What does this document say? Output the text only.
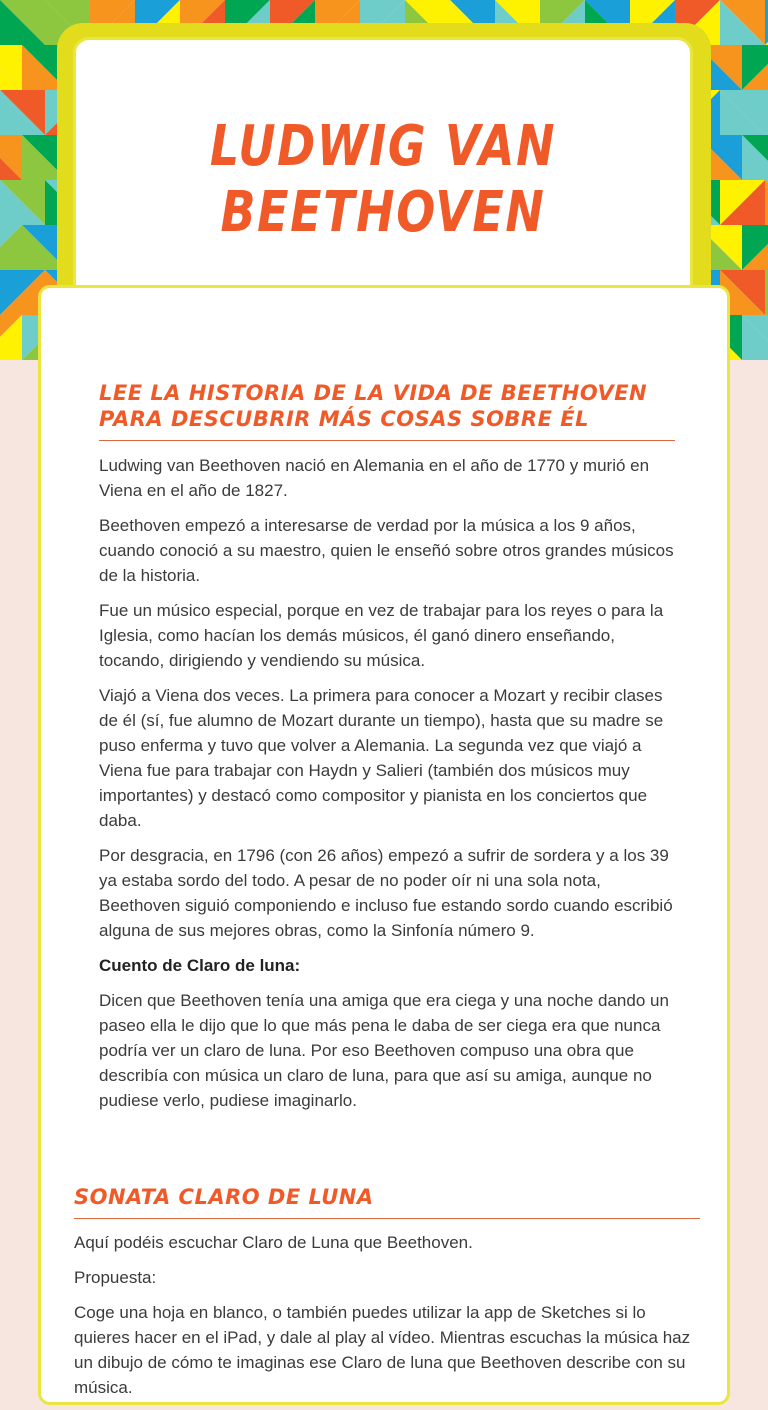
LUDWIG VAN BEETHOVEN
LEE LA HISTORIA DE LA VIDA DE BEETHOVEN PARA DESCUBRIR MÁS COSAS SOBRE ÉL

Ludwing van Beethoven nació en Alemania en el año de 1770 y murió en Viena en el año de 1827.

Beethoven empezó a interesarse de verdad por la música a los 9 años, cuando conoció a su maestro, quien le enseñó sobre otros grandes músicos de la historia.

Fue un músico especial, porque en vez de trabajar para los reyes o para la Iglesia, como hacían los demás músicos, él ganó dinero enseñando, tocando, dirigiendo y vendiendo su música.

Viajó a Viena dos veces. La primera para conocer a Mozart y recibir clases de él (sí, fue alumno de Mozart durante un tiempo), hasta que su madre se puso enferma y tuvo que volver a Alemania. La segunda vez que viajó a Viena fue para trabajar con Haydn y Salieri (también dos músicos muy importantes) y destacó como compositor y pianista en los conciertos que daba.

Por desgracia, en 1796 (con 26 años) empezó a sufrir de sordera y a los 39 ya estaba sordo del todo. A pesar de no poder oír ni una sola nota, Beethoven siguió componiendo e incluso fue estando sordo cuando escribió alguna de sus mejores obras, como la Sinfonía número 9.

Cuento de Claro de luna:

Dicen que Beethoven tenía una amiga que era ciega y una noche dando un paseo ella le dijo que lo que más pena le daba de ser ciega era que nunca podría ver un claro de luna. Por eso Beethoven compuso una obra que describía con música un claro de luna, para que así su amiga, aunque no pudiese verlo, pudiese imaginarlo.

SONATA CLARO DE LUNA

Aquí podéis escuchar Claro de Luna que Beethoven.

Propuesta:

Coge una hoja en blanco, o también puedes utilizar la app de Sketches si lo quieres hacer en el iPad, y dale al play al vídeo. Mientras escuchas la música haz un dibujo de cómo te imaginas ese Claro de luna que Beethoven describe con su música.
